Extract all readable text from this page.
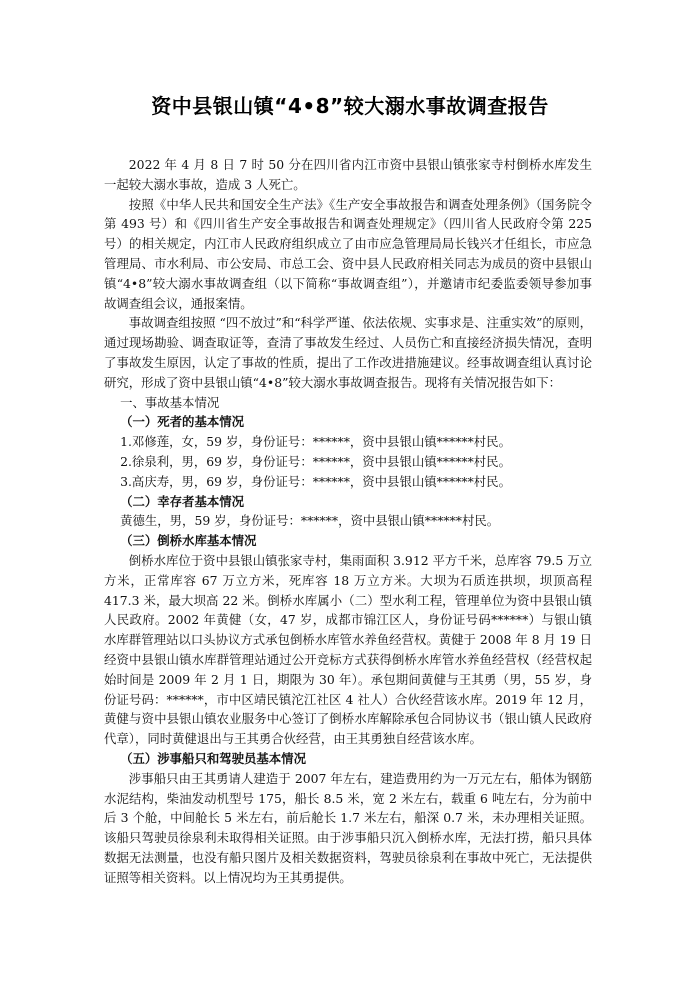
资中县银山镇“4•8”较大溺水事故调查报告

2022 年 4 月 8 日 7 时 50 分在四川省内江市资中县银山镇张家寺村倒桥水库发生一起较大溺水事故，造成 3 人死亡。

按照《中华人民共和国安全生产法》《生产安全事故报告和调查处理条例》（国务院令第 493 号）和《四川省生产安全事故报告和调查处理规定》（四川省人民政府令第 225 号）的相关规定，内江市人民政府组织成立了由市应急管理局局长钱兴才任组长，市应急管理局、市水利局、市公安局、市总工会、资中县人民政府相关同志为成员的资中县银山镇“4•8”较大溺水事故调查组（以下简称“事故调查组”），并邀请市纪委监委领导参加事故调查组会议，通报案情。

事故调查组按照 “四不放过”和“科学严谨、依法依规、实事求是、注重实效”的原则，通过现场勘验、调查取证等，查清了事故发生经过、人员伤亡和直接经济损失情况，查明了事故发生原因，认定了事故的性质，提出了工作改进措施建议。经事故调查组认真讨论研究，形成了资中县银山镇“4•8”较大溺水事故调查报告。现将有关情况报告如下：

一、事故基本情况

（一）死者的基本情况

1.邓修莲，女，59 岁，身份证号：******，资中县银山镇******村民。

2.徐泉利，男，69 岁，身份证号：******，资中县银山镇******村民。

3.高庆寿，男，69 岁，身份证号：******，资中县银山镇******村民。

（二）幸存者基本情况

黄德生，男，59 岁，身份证号：******，资中县银山镇******村民。

（三）倒桥水库基本情况

倒桥水库位于资中县银山镇张家寺村，集雨面积 3.912 平方千米，总库容 79.5 万立方米，正常库容 67 万立方米，死库容 18 万立方米。大坝为石质连拱坝，坝顶高程 417.3 米，最大坝高 22 米。倒桥水库属小（二）型水利工程，管理单位为资中县银山镇人民政府。2002 年黄健（女，47 岁，成都市锦江区人，身份证号码******）与银山镇水库群管理站以口头协议方式承包倒桥水库管水养鱼经营权。黄健于 2008 年 8 月 19 日经资中县银山镇水库群管理站通过公开竞标方式获得倒桥水库管水养鱼经营权（经营权起始时间是 2009 年 2 月 1 日，期限为 30 年）。承包期间黄健与王其勇（男，55 岁，身份证号码：******，市中区靖民镇沱江社区 4 社人）合伙经营该水库。2019 年 12 月，黄健与资中县银山镇农业服务中心签订了倒桥水库解除承包合同协议书（银山镇人民政府代章），同时黄健退出与王其勇合伙经营，由王其勇独自经营该水库。

（五）涉事船只和驾驶员基本情况

涉事船只由王其勇请人建造于 2007 年左右，建造费用约为一万元左右，船体为钢筋水泥结构，柴油发动机型号 175，船长 8.5 米，宽 2 米左右，载重 6 吨左右，分为前中后 3 个舱，中间舱长 5 米左右，前后舱长 1.7 米左右，船深 0.7 米，未办理相关证照。该船只驾驶员徐泉利未取得相关证照。由于涉事船只沉入倒桥水库，无法打捞，船只具体数据无法测量，也没有船只图片及相关数据资料，驾驶员徐泉利在事故中死亡，无法提供证照等相关资料。以上情况均为王其勇提供。
